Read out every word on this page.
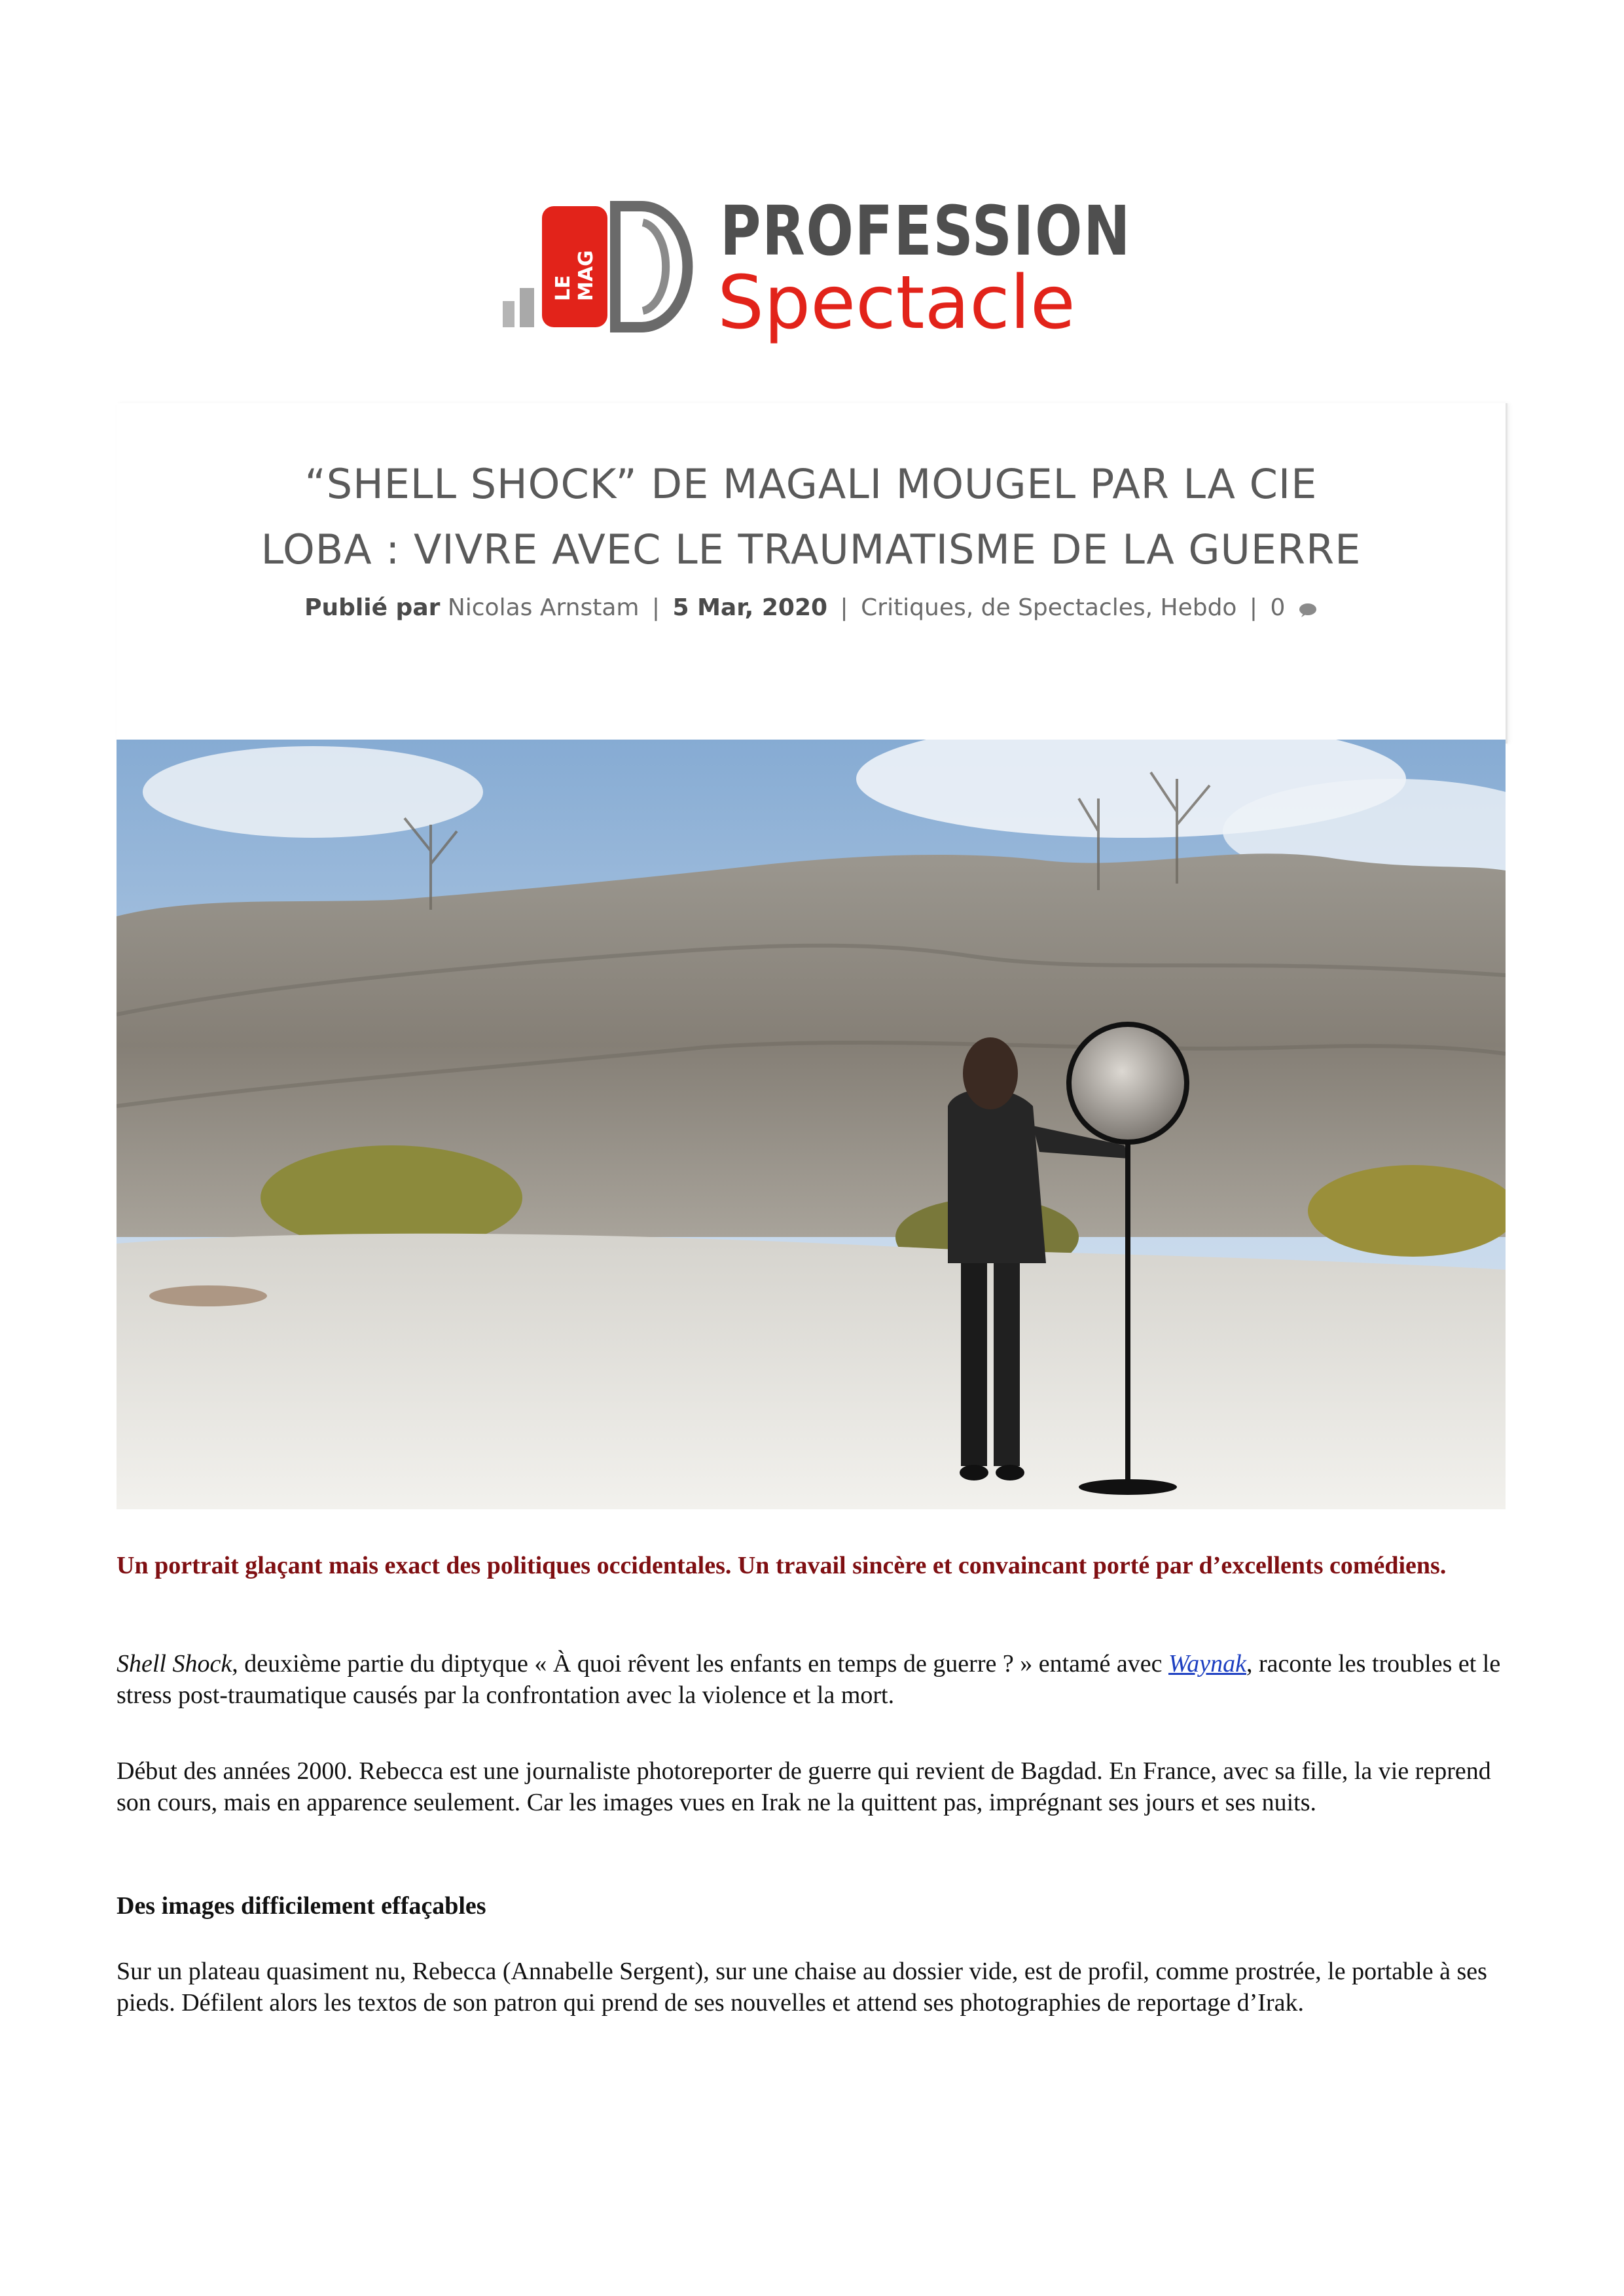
LE MAG
PROFESSION
Spectacle
“SHELL SHOCK” DE MAGALI MOUGEL PAR LA CIE
LOBA : VIVRE AVEC LE TRAUMATISME DE LA GUERRE
Publié par Nicolas Arnstam | 5 Mar, 2020 | Critiques, de Spectacles, Hebdo | 0

Un portrait glaçant mais exact des politiques occidentales. Un travail sincère et convaincant porté par d’excellents comédiens.

Shell Shock, deuxième partie du diptyque « À quoi rêvent les enfants en temps de guerre ? » entamé avec Waynak, raconte les troubles et le stress post-traumatique causés par la confrontation avec la violence et la mort.

Début des années 2000. Rebecca est une journaliste photoreporter de guerre qui revient de Bagdad. En France, avec sa fille, la vie reprend son cours, mais en apparence seulement. Car les images vues en Irak ne la quittent pas, imprégnant ses jours et ses nuits.

Des images difficilement effaçables

Sur un plateau quasiment nu, Rebecca (Annabelle Sergent), sur une chaise au dossier vide, est de profil, comme prostrée, le portable à ses pieds. Défilent alors les textos de son patron qui prend de ses nouvelles et attend ses photographies de reportage d’Irak.
